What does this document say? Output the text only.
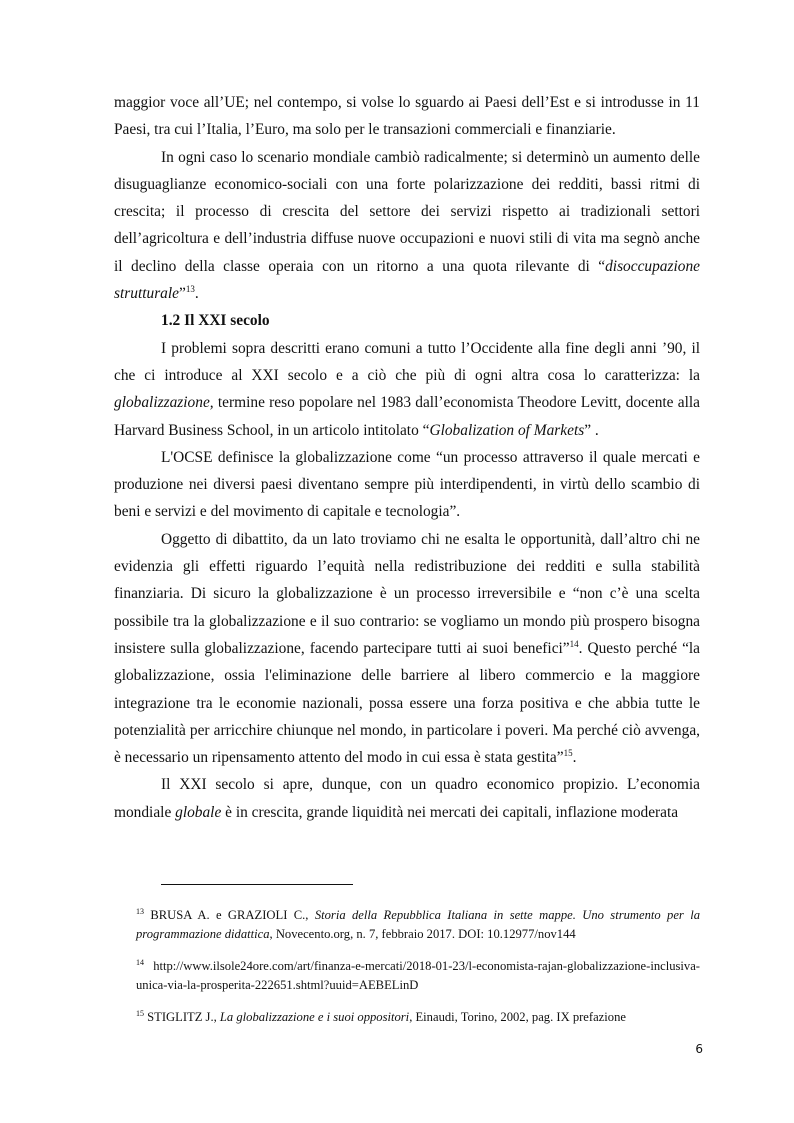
maggior voce all’UE; nel contempo, si volse lo sguardo ai Paesi dell’Est e si introdusse in 11 Paesi, tra cui l’Italia, l’Euro, ma solo per le transazioni commerciali e finanziarie.

In ogni caso lo scenario mondiale cambiò radicalmente; si determinò un aumento delle disuguaglianze economico-sociali con una forte polarizzazione dei redditi, bassi ritmi di crescita; il processo di crescita del settore dei servizi rispetto ai tradizionali settori dell’agricoltura e dell’industria diffuse nuove occupazioni e nuovi stili di vita ma segnò anche il declino della classe operaia con un ritorno a una quota rilevante di “disoccupazione strutturale”$^{13}$.

1.2 Il XXI secolo

I problemi sopra descritti erano comuni a tutto l’Occidente alla fine degli anni ’90, il che ci introduce al XXI secolo e a ciò che più di ogni altra cosa lo caratterizza: la globalizzazione, termine reso popolare nel 1983 dall’economista Theodore Levitt, docente alla Harvard Business School, in un articolo intitolato “Globalization of Markets” .

L'OCSE definisce la globalizzazione come “un processo attraverso il quale mercati e produzione nei diversi paesi diventano sempre più interdipendenti, in virtù dello scambio di beni e servizi e del movimento di capitale e tecnologia”.

Oggetto di dibattito, da un lato troviamo chi ne esalta le opportunità, dall’altro chi ne evidenzia gli effetti riguardo l’equità nella redistribuzione dei redditi e sulla stabilità finanziaria. Di sicuro la globalizzazione è un processo irreversibile e “non c’è una scelta possibile tra la globalizzazione e il suo contrario: se vogliamo un mondo più prospero bisogna insistere sulla globalizzazione, facendo partecipare tutti ai suoi benefici”$^{14}$. Questo perché “la globalizzazione, ossia l'eliminazione delle barriere al libero commercio e la maggiore integrazione tra le economie nazionali, possa essere una forza positiva e che abbia tutte le potenzialità per arricchire chiunque nel mondo, in particolare i poveri. Ma perché ciò avvenga, è necessario un ripensamento attento del modo in cui essa è stata gestita”$^{15}$.

Il XXI secolo si apre, dunque, con un quadro economico propizio. L’economia mondiale globale è in crescita, grande liquidità nei mercati dei capitali, inflazione moderata

$^{13}$ BRUSA A. e GRAZIOLI C., Storia della Repubblica Italiana in sette mappe. Uno strumento per la programmazione didattica, Novecento.org, n. 7, febbraio 2017. DOI: 10.12977/nov144

$^{14}$ http://www.ilsole24ore.com/art/finanza-e-mercati/2018-01-23/l-economista-rajan-globalizzazione-inclusiva-unica-via-la-prosperita-222651.shtml?uuid=AEBELinD

$^{15}$ STIGLITZ J., La globalizzazione e i suoi oppositori, Einaudi, Torino, 2002, pag. IX prefazione

6
